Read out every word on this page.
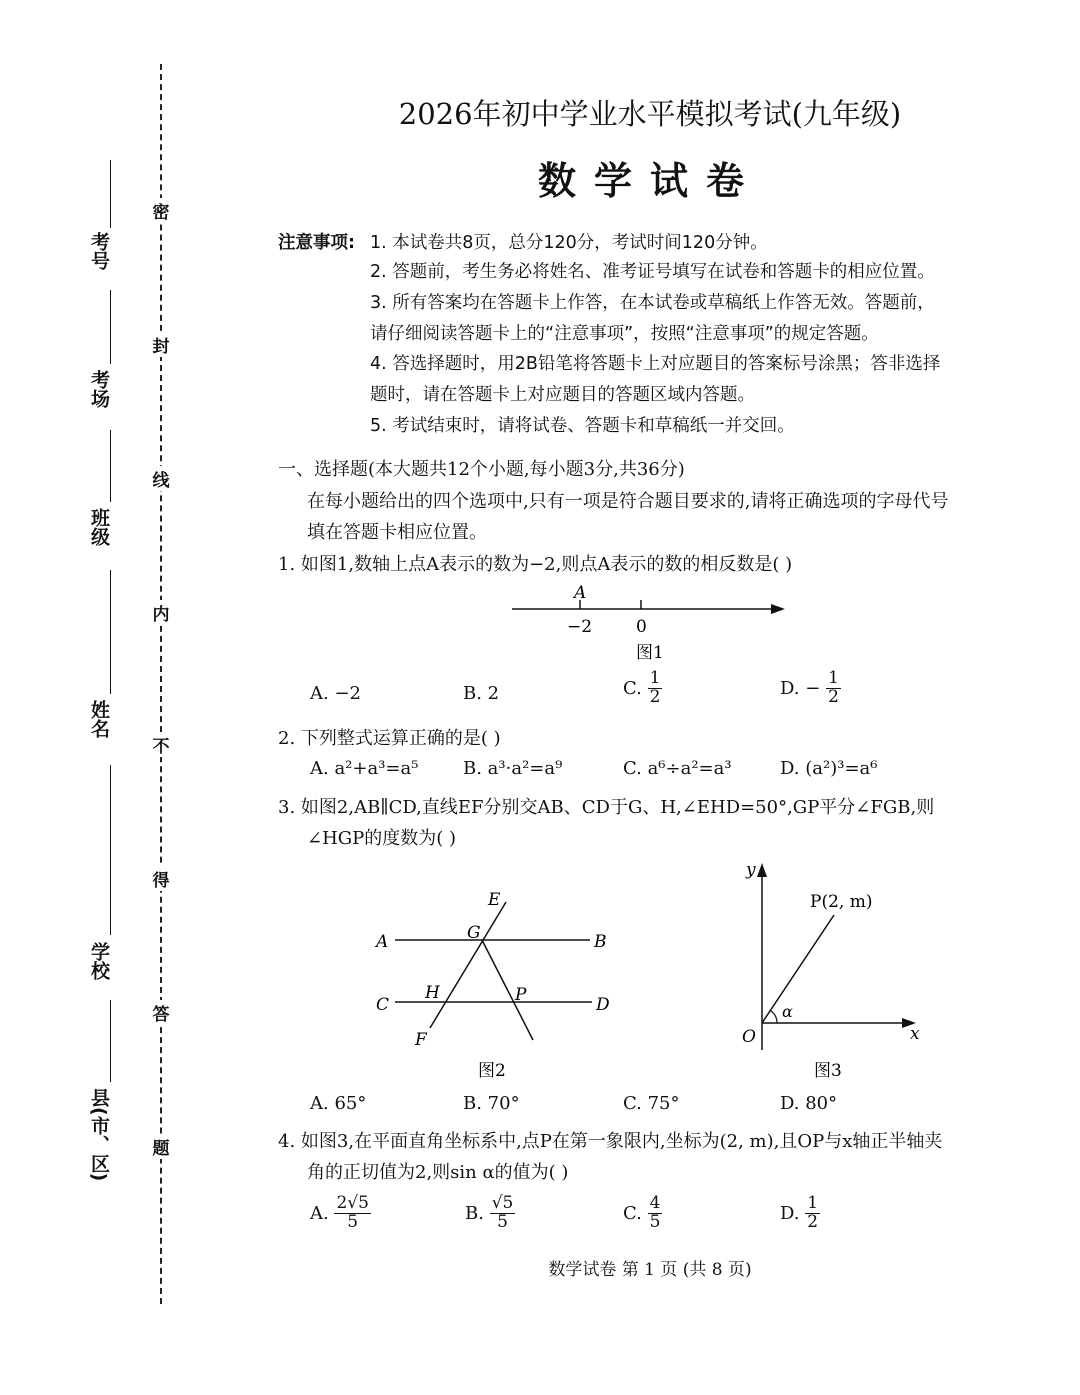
考号
考场
班级
姓名
学校
县(市、区)
密
封
线
内
不
得
答
题
2026年初中学业水平模拟考试(九年级)
数学试卷
注意事项: 1. 本试卷共8页，总分120分，考试时间120分钟。
2. 答题前，考生务必将姓名、准考证号填写在试卷和答题卡的相应位置。
3. 所有答案均在答题卡上作答，在本试卷或草稿纸上作答无效。答题前，
请仔细阅读答题卡上的“注意事项”，按照“注意事项”的规定答题。
4. 答选择题时，用2B铅笔将答题卡上对应题目的答案标号涂黑；答非选择
题时，请在答题卡上对应题目的答题区域内答题。
5. 考试结束时，请将试卷、答题卡和草稿纸一并交回。
一、选择题(本大题共12个小题,每小题3分,共36分)
在每小题给出的四个选项中,只有一项是符合题目要求的,请将正确选项的字母代号
填在答题卡相应位置。
1. 如图1,数轴上点A表示的数为−2,则点A表示的数的相反数是( )
A
−2	0
图1
A. −2	B. 2	C. $\frac{1}{2}$	D. − $\frac{1}{2}$
2. 下列整式运算正确的是( )
A. a²+a³=a⁵ B. a³·a²=a⁹	C. a⁶÷a²=a³	D. (a²)³=a⁶
3. 如图2,AB∥CD,直线EF分别交AB、CD于G、H,∠EHD=50°,GP平分∠FGB,则
∠HGP的度数为( )
E
G
A	B
C
H	P	D
F
图2
y
P(2, m)
α
O	x
图3
A. 65°	B. 70°	C. 75°	D. 80°
4. 如图3,在平面直角坐标系中,点P在第一象限内,坐标为(2, m),且OP与x轴正半轴夹
角的正切值为2,则sin α的值为( )
A. $\frac{2√5}{5}$	B. $\frac{√5}{5}$	C. $\frac{4}{5}$	D. $\frac{1}{2}$
数学试卷 第 1 页 (共 8 页)
